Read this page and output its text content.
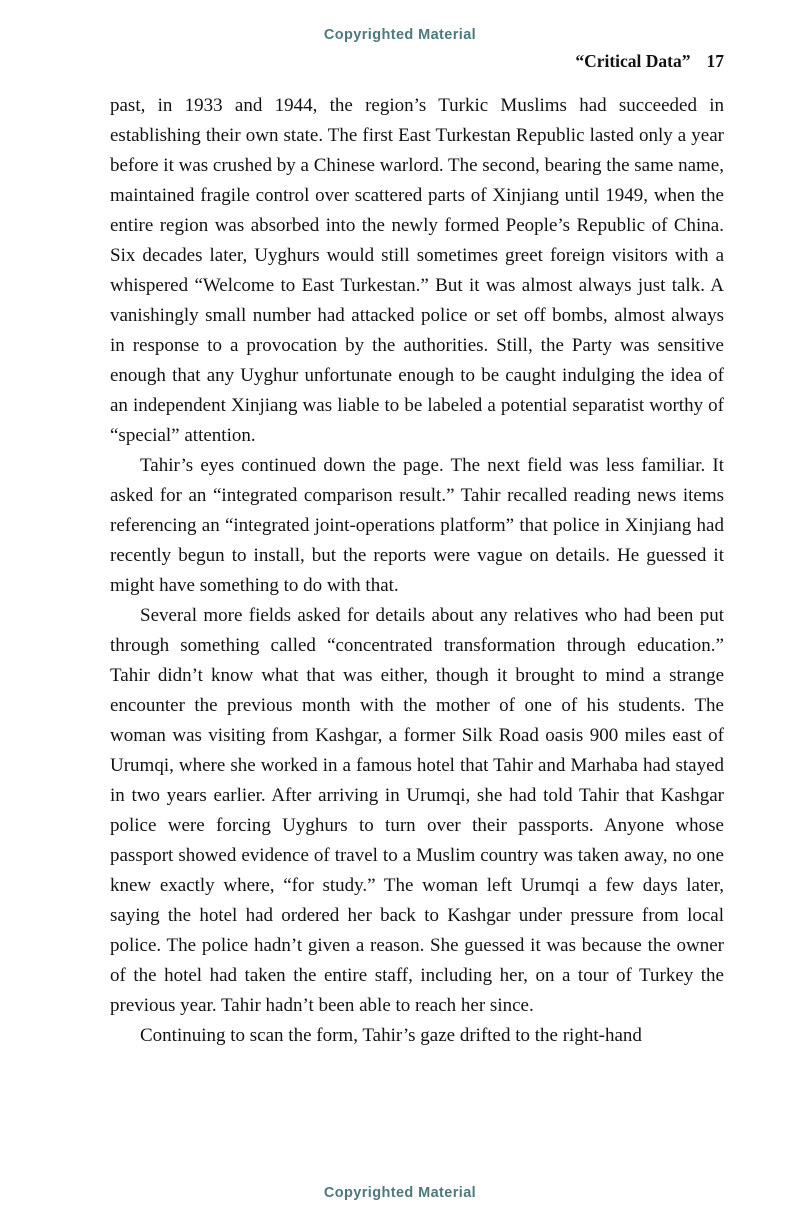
Copyrighted Material
“Critical Data” 17

past, in 1933 and 1944, the region’s Turkic Muslims had succeeded in establishing their own state. The first East Turkestan Republic lasted only a year before it was crushed by a Chinese warlord. The second, bearing the same name, maintained fragile control over scattered parts of Xinjiang until 1949, when the entire region was absorbed into the newly formed People’s Republic of China. Six decades later, Uyghurs would still sometimes greet foreign visitors with a whispered “Welcome to East Turkestan.” But it was almost always just talk. A vanishingly small number had attacked police or set off bombs, almost always in response to a provocation by the authorities. Still, the Party was sensitive enough that any Uyghur unfortunate enough to be caught indulging the idea of an independent Xinjiang was liable to be labeled a potential separatist worthy of “special” attention.

Tahir’s eyes continued down the page. The next field was less familiar. It asked for an “integrated comparison result.” Tahir recalled reading news items referencing an “integrated joint-operations platform” that police in Xinjiang had recently begun to install, but the reports were vague on details. He guessed it might have something to do with that.

Several more fields asked for details about any relatives who had been put through something called “concentrated transformation through education.” Tahir didn’t know what that was either, though it brought to mind a strange encounter the previous month with the mother of one of his students. The woman was visiting from Kashgar, a former Silk Road oasis 900 miles east of Urumqi, where she worked in a famous hotel that Tahir and Marhaba had stayed in two years earlier. After arriving in Urumqi, she had told Tahir that Kashgar police were forcing Uyghurs to turn over their passports. Anyone whose passport showed evidence of travel to a Muslim country was taken away, no one knew exactly where, “for study.” The woman left Urumqi a few days later, saying the hotel had ordered her back to Kashgar under pressure from local police. The police hadn’t given a reason. She guessed it was because the owner of the hotel had taken the entire staff, including her, on a tour of Turkey the previous year. Tahir hadn’t been able to reach her since.

Continuing to scan the form, Tahir’s gaze drifted to the right-hand

Copyrighted Material
